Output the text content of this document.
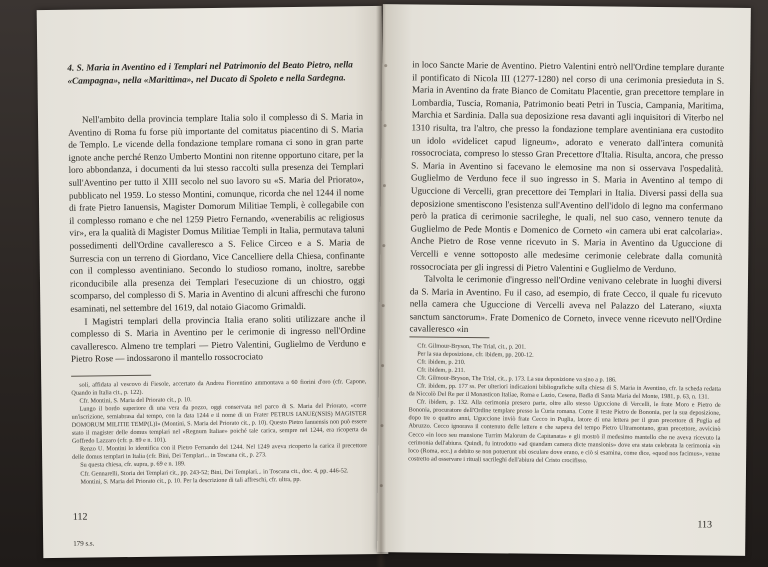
4. S. Maria in Aventino ed i Templari nel Patrimonio del Beato Pietro, nella «Campagna», nella «Marittima», nel Ducato di Spoleto e nella Sardegna.

Nell'ambito della provincia templare Italia solo il complesso di S. Maria in Aventino di Roma fu forse più importante del comitatus piacentino di S. Maria de Templo. Le vicende della fondazione templare romana ci sono in gran parte ignote anche perché Renzo Umberto Montini non ritenne opportuno citare, per la loro abbondanza, i documenti da lui stesso raccolti sulla presenza dei Templari sull'Aventino per tutto il XIII secolo nel suo lavoro su «S. Maria del Priorato», pubblicato nel 1959. Lo stesso Montini, comunque, ricorda che nel 1244 il nome di frate Pietro Ianuensis, Magister Domorum Militiae Templi, è collegabile con il complesso romano e che nel 1259 Pietro Fernando, «venerabilis ac religiosus vir», era la qualità di Magister Domus Militiae Templi in Italia, permutava taluni possedimenti dell'Ordine cavalleresco a S. Felice Circeo e a S. Maria de Surrescia con un terreno di Giordano, Vice Cancelliere della Chiesa, confinante con il complesso aventiniano. Secondo lo studioso romano, inoltre, sarebbe riconducibile alla presenza dei Templari l'esecuzione di un chiostro, oggi scomparso, del complesso di S. Maria in Aventino di alcuni affreschi che furono esaminati, nel settembre del 1619, dal notaio Giacomo Grimaldi.

I Magistri templari della provincia Italia erano soliti utilizzare anche il complesso di S. Maria in Aventino per le cerimonie di ingresso nell'Ordine cavalleresco. Almeno tre templari — Pietro Valentini, Guglielmo de Verduno e Pietro Rose — indossarono il mantello rossocrociato

soli, affidata al vescovo di Fiesole, accertato da Andrea Fiorentino ammontava a 60 fiorini d'oro (cfr. Capone, Quando in Italia cit., p. 122).
Cfr. Montini, S. Maria del Priorato cit., p. 10.
Lungo il bordo superiore di una vera da pozzo, oggi conservata nel parco di S. Maria del Priorato, «corre un'iscrizione, semiabrasa dal tempo, con la data 1244 e il nome di un Frater PETRUS IANUE(NSIS) MAGISTER DOMORUM MILITIE TEMP(L)I» (Montini, S. Maria del Priorato cit., p. 10). Questo Pietro Ianuensis non può essere stato il magister delle domus templari nel «Regnum Italiae» poiché tale carica, sempre nel 1244, era ricoperta da Goffredo Lazzaro (cfr. p. 89 e n. 101).
Renzo U. Montini lo identifica con il Pietro Fernando del 1244. Nel 1249 aveva ricoperto la carica il precettore delle domus templari in Italia (cfr. Bini, Dei Templari... in Toscana cit., p. 273.
Su questa chiesa, cfr. supra, p. 69 e n. 189.
Cfr. Gennarelli, Storia dei Templari cit., pp. 243-52; Bini, Dei Templari... in Toscana cit., doc. 4, pp. 446-52.
Montini, S. Maria del Priorato cit., p. 10. Per la descrizione di tali affreschi, cfr. ultra, pp.
112
179 s.s.

in loco Sancte Marie de Aventino. Pietro Valentini entrò nell'Ordine templare durante il pontificato di Nicola III (1277-1280) nel corso di una cerimonia presieduta in S. Maria in Aventino da frate Bianco de Comitatu Placentie, gran precettore templare in Lombardia, Tuscia, Romania, Patrimonio beati Petri in Tuscia, Campania, Maritima, Marchia et Sardinia. Dalla sua deposizione resa davanti agli inquisitori di Viterbo nel 1310 risulta, tra l'altro, che presso la fondazione templare aventiniana era custodito un idolo «videlicet capud ligneum», adorato e venerato dall'intera comunità rossocrociata, compreso lo stesso Gran Precettore d'Italia. Risulta, ancora, che presso S. Maria in Aventino si facevano le elemosine ma non si osservava l'ospedalità. Guglielmo de Verduno fece il suo ingresso in S. Maria in Aventino al tempo di Uguccione di Vercelli, gran precettore dei Templari in Italia. Diversi passi della sua deposizione smentiscono l'esistenza sull'Aventino dell'idolo di legno ma confermano però la pratica di cerimonie sacrileghe, le quali, nel suo caso, vennero tenute da Guglielmo de Pede Montis e Domenico de Corneto «in camera ubi erat calcolaria». Anche Pietro de Rose venne ricevuto in S. Maria in Aventino da Uguccione di Vercelli e venne sottoposto alle medesime cerimonie celebrate dalla comunità rossocrociata per gli ingressi di Pietro Valentini e Guglielmo de Verduno.

Talvolta le cerimonie d'ingresso nell'Ordine venivano celebrate in luoghi diversi da S. Maria in Aventino. Fu il caso, ad esempio, di frate Cecco, il quale fu ricevuto nella camera che Uguccione di Vercelli aveva nel Palazzo del Laterano, «iuxta sanctum sanctorum». Frate Domenico de Corneto, invece venne ricevuto nell'Ordine cavalleresco «in

Cfr. Gilmour-Bryson, The Trial, cit., p. 201.
Per la sua deposizione, cfr. ibidem, pp. 200-12.
Cfr. ibidem, p. 210.
Cfr. ibidem, p. 211.
Cfr. Gilmour-Bryson, The Trial, cit., p. 173. La sua deposizione va sino a p. 186.
Cfr. ibidem, pp. 177 ss. Per ulteriori indicazioni bibliografiche sulla chiesa di S. Maria in Aventino, cfr. la scheda redatta da Niccolò Del Re per il Monasticon Italiae, Roma e Lazio, Cesena, Badia di Santa Maria del Monte, 1981, p. 63, n. 131.
Cfr. ibidem, p. 132. Alla cerimonia presero parte, oltre allo stesso Uguccione di Vercelli, le frate Moro e Pietro de Bononia, procuratore dell'Ordine templare presso la Curia romana. Come il teste Pietro de Bononia, per la sua deposizione, dopo tre o quattro anni, Uguccione inviò frate Cecco in Puglia, latore di una lettera per il gran precettore di Puglia ed Abruzzo. Cecco ignorava il contenuto delle lettere e che sapeva del tempo Pietro Ultramontano, gran precettore, avvicinò Cecco «in loco seu mansione Turrim Malorum de Capitanata» e gli mostrò il medesimo mantello che ne aveva ricevuto la cerimonia dell'abiura. Quindi, fu introdotto «ad quandam camera dicte mansionis» dove era stata celebrata la cerimonia «in loco (Roma, ecc.) a debito se non potuerunt ubi osculare dove erano, e ciò si esamina, come dice, «quod nos facimus», venne costretto ad osservare i rituali sacrileghi dell'abiura del Cristo crocifisso.
113
